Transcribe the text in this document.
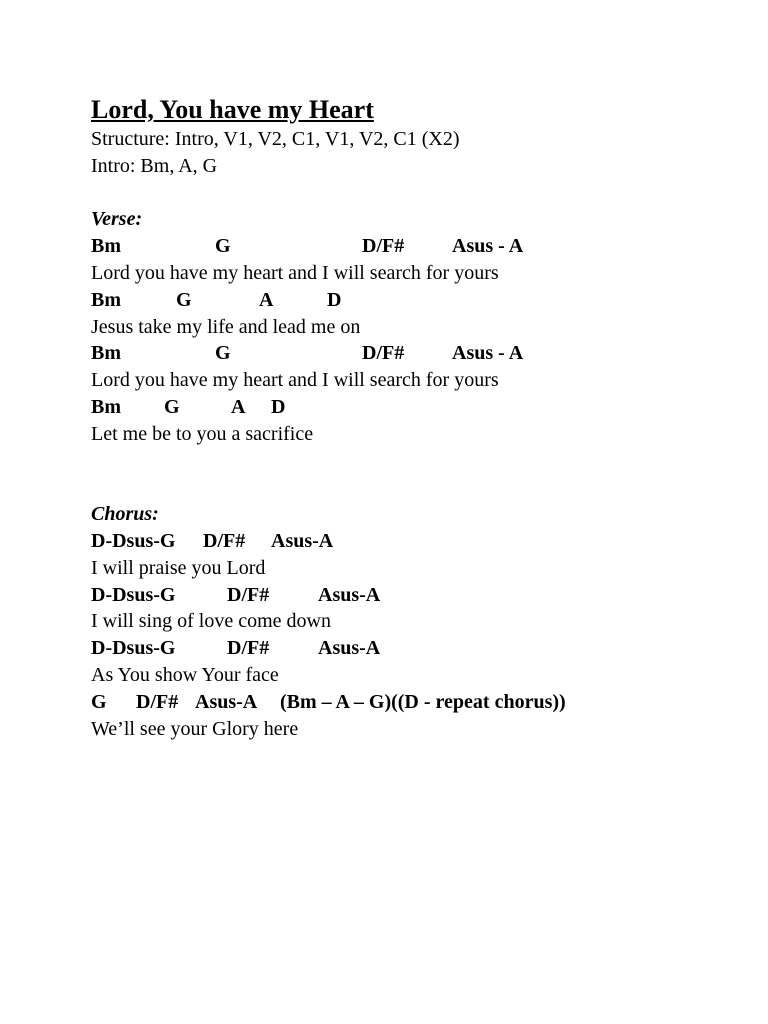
Lord, You have my Heart
Structure: Intro, V1, V2, C1, V1, V2, C1 (X2)
Intro: Bm, A, G
Verse:

Bm

	G

	D/F#

Asus - A

Lord you have my heart and I will search for yours

Bm

	G

	A

	D

Jesus take my life and lead me on

Bm

	G

	D/F#

Asus - A

Lord you have my heart and I will search for yours

Bm

G

	A

D

Let me be to you a sacrifice
Chorus:

D-Dsus-G

D/F#

Asus-A

I will praise you Lord

D-Dsus-G

	D/F#

Asus-A

I will sing of love come down

D-Dsus-G

	D/F#

Asus-A

As You show Your face

G

D/F#

Asus-A

(Bm – A – G)((D - repeat chorus))

We’ll see your Glory here
